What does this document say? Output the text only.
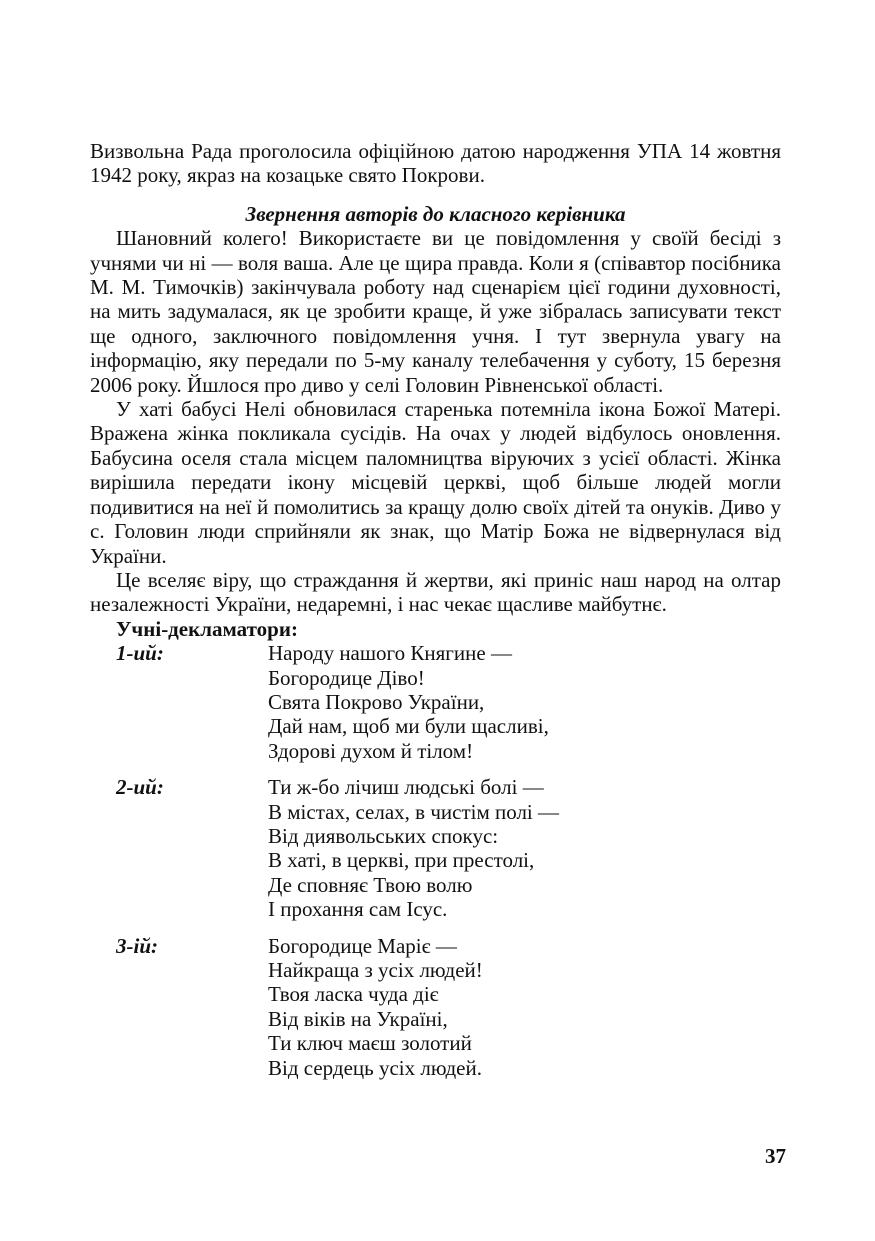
Визвольна Рада проголосила офіційною датою народження УПА 14 жовтня 1942 року, якраз на козацьке свято Покрови.

Звернення авторів до класного керівника

Шановний колего! Використаєте ви це повідомлення у своїй бесіді з учнями чи ні — воля ваша. Але це щира правда. Коли я (співавтор посібника М. М. Тимочків) закінчувала роботу над сценарієм цієї години духовності, на мить задумалася, як це зробити краще, й уже зібралась записувати текст ще одного, заключного повідомлення учня. І тут звернула увагу на інформацію, яку передали по 5-му каналу телебачення у суботу, 15 березня 2006 року. Йшлося про диво у селі Головин Рівненської області.

У хаті бабусі Нелі обновилася старенька потемніла ікона Божої Матері. Вражена жінка покликала сусідів. На очах у людей відбулось оновлення. Бабусина оселя стала місцем паломництва віруючих з усієї області. Жінка вирішила передати ікону місцевій церкві, щоб більше людей могли подивитися на неї й помолитись за кращу долю своїх дітей та онуків. Диво у с. Головин люди сприйняли як знак, що Матір Божа не відвернулася від України.

Це вселяє віру, що страждання й жертви, які приніс наш народ на олтар незалежності України, недаремні, і нас чекає щасливе майбутнє.

Учні-декламатори:

1-ий:	Народу нашого Княгине —
Богородице Діво!
Свята Покрово України,
Дай нам, щоб ми були щасливі,
Здорові духом й тілом!
2-ий:	Ти ж-бо лічиш людські болі —
В містах, селах, в чистім полі —
Від диявольських спокус:
В хаті, в церкві, при престолі,
Де сповняє Твою волю
І прохання сам Ісус.
3-ій:	Богородице Маріє —
Найкраща з усіх людей!
Твоя ласка чуда діє
Від віків на Україні,
Ти ключ маєш золотий
Від сердець усіх людей.
37
